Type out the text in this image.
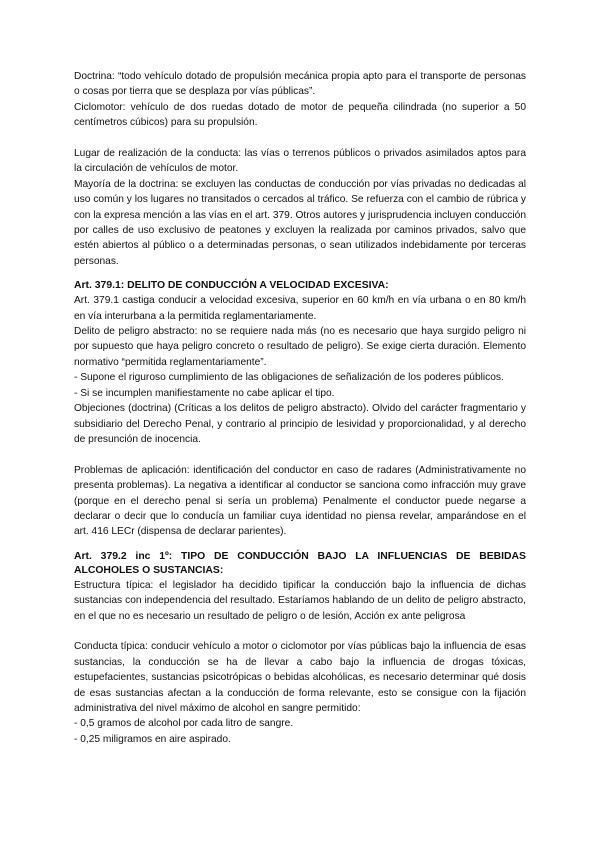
Doctrina: “todo vehículo dotado de propulsión mecánica propia apto para el transporte de personas o cosas por tierra que se desplaza por vías públicas”.

Ciclomotor: vehículo de dos ruedas dotado de motor de pequeña cilindrada (no superior a 50 centímetros cúbicos) para su propulsión.

Lugar de realización de la conducta: las vías o terrenos públicos o privados asimilados aptos para la circulación de vehículos de motor.

Mayoría de la doctrina: se excluyen las conductas de conducción por vías privadas no dedicadas al uso común y los lugares no transitados o cercados al tráfico. Se refuerza con el cambio de rúbrica y con la expresa mención a las vías en el art. 379. Otros autores y jurisprudencia incluyen conducción por calles de uso exclusivo de peatones y excluyen la realizada por caminos privados, salvo que estén abiertos al público o a determinadas personas, o sean utilizados indebidamente por terceras personas.

Art. 379.1: DELITO DE CONDUCCIÓN A VELOCIDAD EXCESIVA:

Art. 379.1 castiga conducir a velocidad excesiva, superior en 60 km/h en vía urbana o en 80 km/h en vía interurbana a la permitida reglamentariamente.

Delito de peligro abstracto: no se requiere nada más (no es necesario que haya surgido peligro ni por supuesto que haya peligro concreto o resultado de peligro). Se exige cierta duración. Elemento normativo “permitida reglamentariamente”.

- Supone el riguroso cumplimiento de las obligaciones de señalización de los poderes públicos.

- Si se incumplen manifiestamente no cabe aplicar el tipo.

Objeciones (doctrina) (Críticas a los delitos de peligro abstracto). Olvido del carácter fragmentario y subsidiario del Derecho Penal, y contrario al principio de lesividad y proporcionalidad, y al derecho de presunción de inocencia.

Problemas de aplicación: identificación del conductor en caso de radares (Administrativamente no presenta problemas). La negativa a identificar al conductor se sanciona como infracción muy grave (porque en el derecho penal si sería un problema) Penalmente el conductor puede negarse a declarar o decir que lo conducía un familiar cuya identidad no piensa revelar, amparándose en el art. 416 LECr (dispensa de declarar parientes).

Art. 379.2 inc 1º: TIPO DE CONDUCCIÓN BAJO LA INFLUENCIAS DE BEBIDAS ALCOHOLES O SUSTANCIAS:

Estructura típica: el legislador ha decidido tipificar la conducción bajo la influencia de dichas sustancias con independencia del resultado. Estaríamos hablando de un delito de peligro abstracto, en el que no es necesario un resultado de peligro o de lesión, Acción ex ante peligrosa

Conducta típica: conducir vehículo a motor o ciclomotor por vías públicas bajo la influencia de esas sustancias, la conducción se ha de llevar a cabo bajo la influencia de drogas tóxicas, estupefacientes, sustancias psicotrópicas o bebidas alcohólicas, es necesario determinar qué dosis de esas sustancias afectan a la conducción de forma relevante, esto se consigue con la fijación administrativa del nivel máximo de alcohol en sangre permitido:

- 0,5 gramos de alcohol por cada litro de sangre.

- 0,25 miligramos en aire aspirado.
